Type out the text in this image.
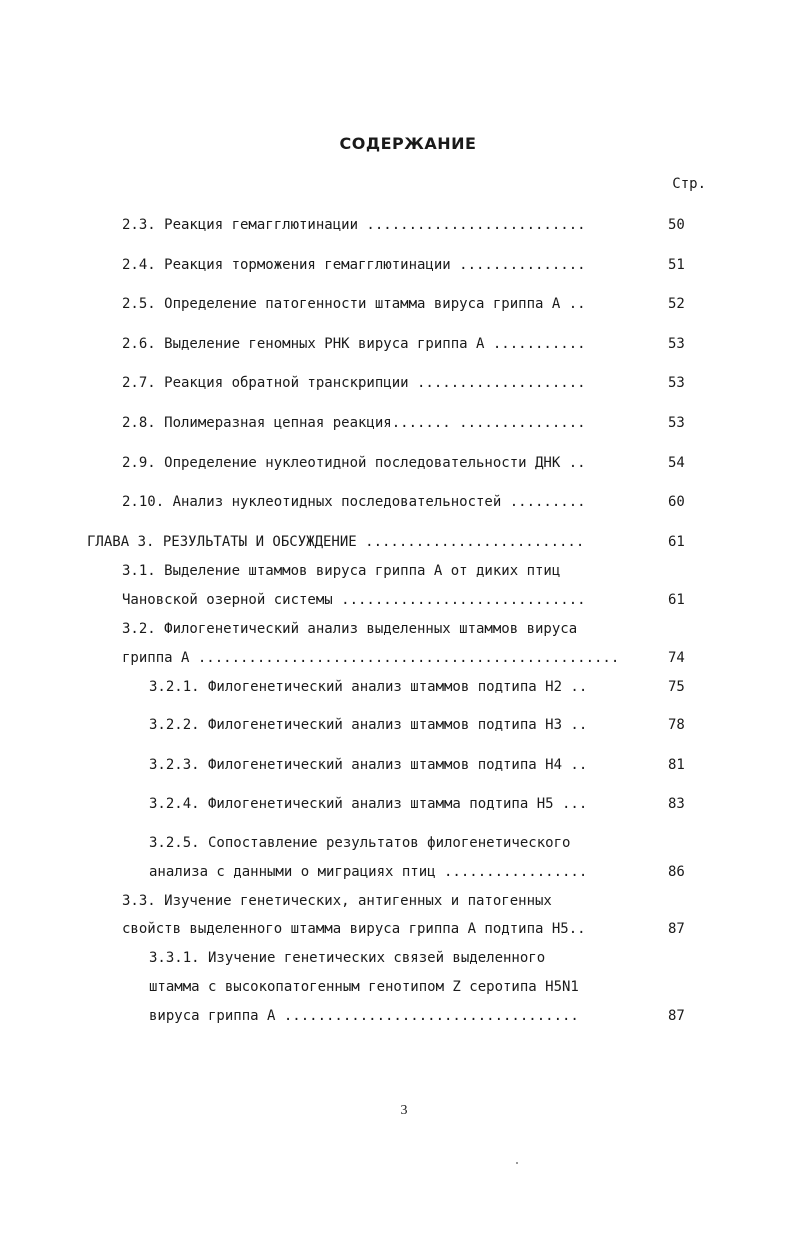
СОДЕРЖАНИЕ
Стр.
2.3. Реакция гемагглютинации ..........................	50
2.4. Реакция торможения гемагглютинации ...............	51
2.5. Определение патогенности штамма вируса гриппа А ..	52
2.6. Выделение геномных РНК вируса гриппа А ...........	53
2.7. Реакция обратной транскрипции ....................	53
2.8. Полимеразная цепная реакция....... ...............	53
2.9. Определение нуклеотидной последовательности ДНК ..	54
2.10. Анализ нуклеотидных последовательностей .........	60
ГЛАВА 3. РЕЗУЛЬТАТЫ И ОБСУЖДЕНИЕ ..........................	61
3.1. Выделение штаммов вируса гриппа А от диких птиц
Чановской озерной системы .............................	61
3.2. Филогенетический анализ выделенных штаммов вируса
гриппа А ..................................................	74
3.2.1. Филогенетический анализ штаммов подтипа Н2 ..	75
3.2.2. Филогенетический анализ штаммов подтипа Н3 ..	78
3.2.3. Филогенетический анализ штаммов подтипа Н4 ..	81
3.2.4. Филогенетический анализ штамма подтипа Н5 ...	83
3.2.5. Сопоставление результатов филогенетического
анализа с данными о миграциях птиц .................	86
3.3. Изучение генетических, антигенных и патогенных
свойств выделенного штамма вируса гриппа А подтипа Н5..	87
3.3.1. Изучение генетических связей выделенного
штамма с высокопатогенным генотипом Z серотипа H5N1
вируса гриппа А ...................................	87
3
